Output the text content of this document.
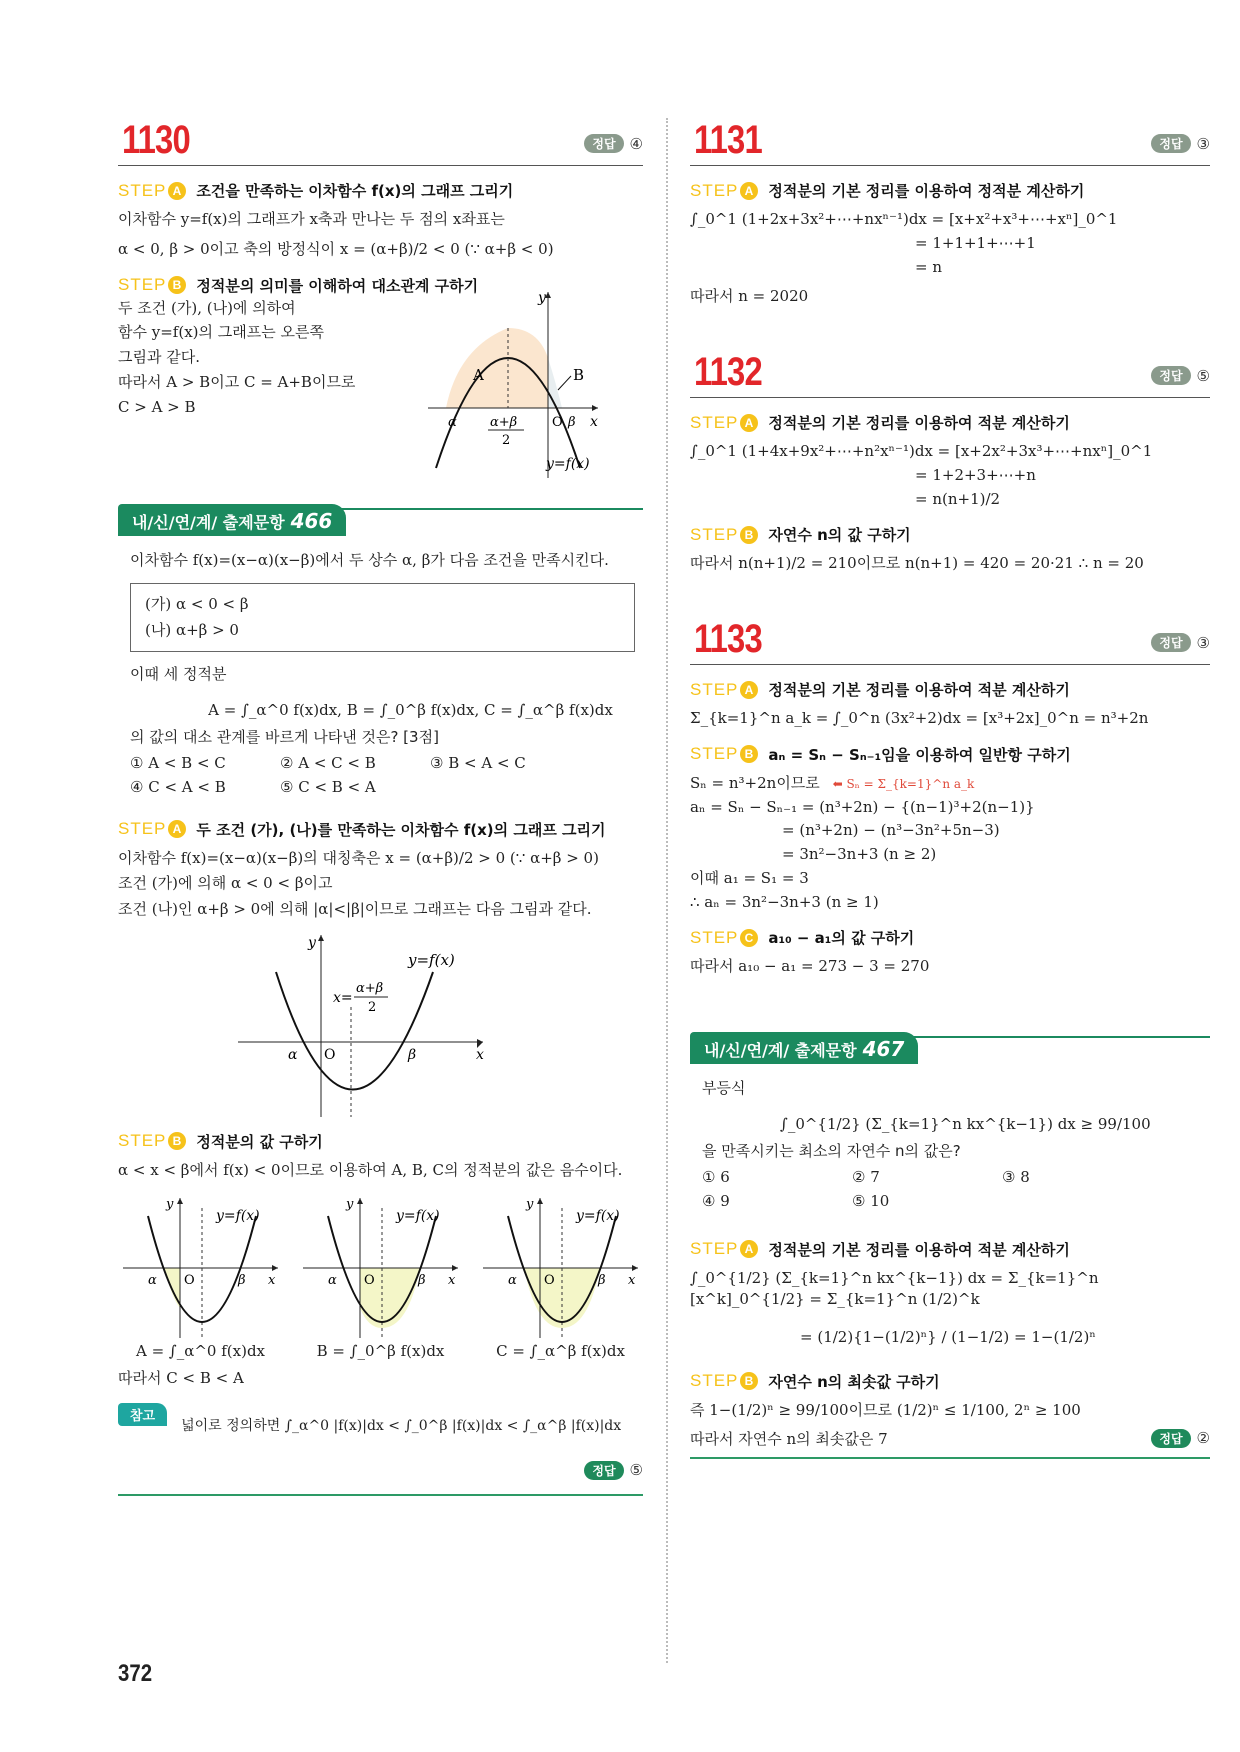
1130	정답 ④
STEP A 조건을 만족하는 이차함수 f(x)의 그래프 그리기
이차함수 y=f(x)의 그래프가 x축과 만나는 두 점의 x좌표는
α < 0, β > 0이고 축의 방정식이 x = (α+β)/2 < 0 (∵ α+β < 0)
STEP B 정적분의 의미를 이해하여 대소관계 구하기
두 조건 (가), (나)에 의하여
함수 y=f(x)의 그래프는 오른쪽
그림과 같다.
따라서 A > B이고 C = A+B이므로
C > A > B
y
A	B
α	α+β
2
O β x
y=f(x)
내/신/연/계/ 출제문항 466
이차함수 f(x)=(x−α)(x−β)에서 두 상수 α, β가 다음 조건을 만족시킨다.
(가) α < 0 < β
(나) α+β > 0
이때 세 정적분
A = ∫_α^0 f(x)dx, B = ∫_0^β f(x)dx, C = ∫_α^β f(x)dx
의 값의 대소 관계를 바르게 나타낸 것은? [3점]
① A < B < C	② A < C < B	③ B < A < C
④ C < A < B	⑤ C < B < A
STEP A 두 조건 (가), (나)를 만족하는 이차함수 f(x)의 그래프 그리기
이차함수 f(x)=(x−α)(x−β)의 대칭축은 x = (α+β)/2 > 0 (∵ α+β > 0)
조건 (가)에 의해 α < 0 < β이고
조건 (나)인 α+β > 0에 의해 |α|<|β|이므로 그래프는 다음 그림과 같다.
y
y=f(x)
x=
α+β
2
α O	β	x
STEP B 정적분의 값 구하기
α < x < β에서 f(x) < 0이므로 이용하여 A, B, C의 정적분의 값은 음수이다.
y
y=f(x)
α O	β x
A = ∫_α^0 f(x)dx
y
y=f(x)
α O	β x
B = ∫_0^β f(x)dx
y
y=f(x)
α O	β x
C = ∫_α^β f(x)dx
따라서 C < B < A
참고
넓이로 정의하면 ∫_α^0 |f(x)|dx < ∫_0^β |f(x)|dx < ∫_α^β |f(x)|dx
정답 ⑤
1131	정답 ③
STEP A 정적분의 기본 정리를 이용하여 정적분 계산하기
∫_0^1 (1+2x+3x²+⋯+nxⁿ⁻¹)dx = [x+x²+x³+⋯+xⁿ]_0^1
= 1+1+1+⋯+1
= n
따라서 n = 2020
1132	정답 ⑤
STEP A 정적분의 기본 정리를 이용하여 적분 계산하기
∫_0^1 (1+4x+9x²+⋯+n²xⁿ⁻¹)dx = [x+2x²+3x³+⋯+nxⁿ]_0^1
= 1+2+3+⋯+n
= n(n+1)/2
STEP B 자연수 n의 값 구하기
따라서 n(n+1)/2 = 210이므로 n(n+1) = 420 = 20·21 ∴ n = 20
1133	정답 ③
STEP A 정적분의 기본 정리를 이용하여 적분 계산하기
Σ_{k=1}^n a_k = ∫_0^n (3x²+2)dx = [x³+2x]_0^n = n³+2n
STEP B aₙ = Sₙ − Sₙ₋₁임을 이용하여 일반항 구하기
Sₙ = n³+2n이므로 ⬅ Sₙ = Σ_{k=1}^n a_k
aₙ = Sₙ − Sₙ₋₁ = (n³+2n) − {(n−1)³+2(n−1)}
= (n³+2n) − (n³−3n²+5n−3)
= 3n²−3n+3 (n ≥ 2)
이때 a₁ = S₁ = 3
∴ aₙ = 3n²−3n+3 (n ≥ 1)
STEP C a₁₀ − a₁의 값 구하기
따라서 a₁₀ − a₁ = 273 − 3 = 270
내/신/연/계/ 출제문항 467
부등식
∫_0^{1/2} (Σ_{k=1}^n kx^{k−1}) dx ≥ 99/100
을 만족시키는 최소의 자연수 n의 값은?
① 6	② 7	③ 8
④ 9	⑤ 10
STEP A 정적분의 기본 정리를 이용하여 적분 계산하기
∫_0^{1/2} (Σ_{k=1}^n kx^{k−1}) dx = Σ_{k=1}^n [x^k]_0^{1/2} = Σ_{k=1}^n (1/2)^k
= (1/2){1−(1/2)ⁿ} / (1−1/2) = 1−(1/2)ⁿ
STEP B 자연수 n의 최솟값 구하기
즉 1−(1/2)ⁿ ≥ 99/100이므로 (1/2)ⁿ ≤ 1/100, 2ⁿ ≥ 100
따라서 자연수 n의 최솟값은 7	정답 ②
372
